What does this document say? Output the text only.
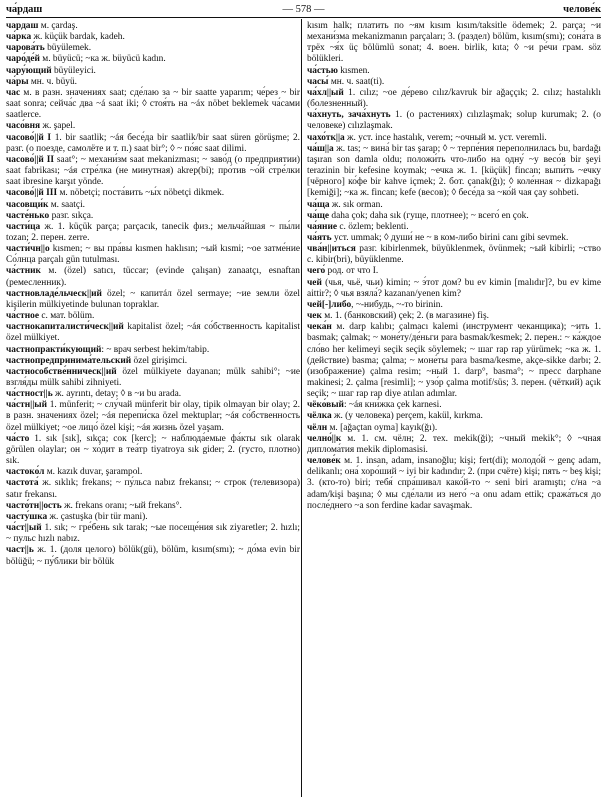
ча́рдаш	— 578 —	челове́к

ча́рда́ш м. çardaş.

ча́рка ж. küçük bardak, kadeh.

чарова́ть büyülemek.

чаро́де́й м. büyücü; ~ка ж. büyücü kadın.

чару́ющий büyüleyici.

ча́ры мн. ч. büyü.

час м. в разн. значениях saat; сде́лаю за ~ bir saatte yaparım; че́рез ~ bir saat sonra; сейча́с два ~á saat iki; ◊ стоя́ть на ~áх nöbet beklemek ча́сами saatlerce.

часо́вня ж. şapel.

часово́||й I 1. bir saatlik; ~áя бесе́да bir saatlik/bir saat süren görüşme; 2. разг. (о поезде, самолёте и т. п.) saat bir°; ◊ ~ по́яс saat dilimi.

часово́||й II saat°; ~ механи́зм saat mekanizması; ~ заво́д (о предприятии) saat fabrikası; ~áя стре́лка (не минутная) akrep(bi); про́тив ~о́й стре́лки saat ibresine karşıt yönde.

часово́||й III м. nöbetçi; поста́вить ~ы́х nöbetçi dikmek.

часовщи́к м. saatçi.

часте́нько разг. sıkça.

части́ца ж. 1. küçük parça; parçacık, tanecik физ.; мельча́йшая ~ пы́ли tozan; 2. перен. zerre.

части́чн||о kısmen; ~ вы пра́вы kısmen haklısın; ~ый kısmi; ~ое затме́ние Со́лнца parçalı gün tutulması.

ча́стник м. (özel) satıcı, tüccar; (evinde çalışan) zanaatçı, esnaftan (ремесленник).

частновладе́льческ||ий özel; ~ капитáл özel sermaye; ~ие земли özel kişilerin mülkiyetinde bulunan topraklar.

ча́стное с. мат. bölüm.

частнокапиталисти́ческ||ий kapitalist özel; ~áя со́бственность kapitalist özel mülkiyet.

частнопракти́кующий: ~ врач serbest hekim/tabip.

частнопредпринима́тельский özel girişimci.

частнособстве́нническ||ий özel mülkiyete dayanan; mülk sahibi°; ~ие взгля́ды mülk sahibi zihniyeti.

ча́стност||ь ж. ayrıntı, detay; ◊ в ~и bu arada.

ча́стн||ый 1. münferit; ~ слу́чай münferit bir olay, tipik olmayan bir olay; 2. в разн. значениях özel; ~áя перепи́ска özel mektuplar; ~áя со́бственность özel mülkiyet; ~ое лицо́ özel kişi; ~áя жизнь özel yaşam.

ча́сто 1. sık [sık], sıkça; сок [kerc]; ~ наблюда́емые фа́кты sık olarak görülen olaylar; он ~ хо́дит в теа́тр tiyatroya sık gider; 2. (густо, плотно) sık.

частоко́л м. kazık duvar, şarampol.

частота́ ж. sıklık; frekans; ~ пу́льса nabız frekansı; ~ строк (телевизора) satır frekansı.

часто́тн||ость ж. frekans oranı; ~ый frekans°.

часту́шка ж. çastuşka (bir tür mani).

ча́ст||ый 1. sık; ~ гре́бень sık tarak; ~ые посеще́ния sık ziyaretler; 2. hızlı; ~ пульс hızlı nabız.

част||ь ж. 1. (доля целого) bölük(gü), bölüm, kısım(smı); ~ до́ма evin bir bölüğü; ~ пу́блики bir bölük

kısım halk; плати́ть по ~ям kısım kısım/taksitle ödemek; 2. parça; ~и механи́зма mekanizmanın parçaları; 3. (раздел) bölüm, kısım(smı); сона́та в трёх ~я́х üç bölümlü sonat; 4. воен. birlik, kıta; ◊ ~и ре́чи грам. söz bölükleri.

ча́стью kısmen.

часы́ мн. ч. saat(ti).

ча́хл||ый 1. cılız; ~ое де́рево cılız/kavruk bir ağaççık; 2. cılız; hastalıklı (болезненный).

ча́хнуть, зача́хнуть 1. (о растениях) cılızlaşmak; solup kurumak; 2. (о человеке) cılızlaşmak.

чахо́тк||а ж. уст. ince hastalık, verem; ~очный м. уст. veremli.

ча́ш||а ж. tas; ~ вина́ bir tas şarap; ◊ ~ терпе́ния переполнилась bu, bardağı taşıran son damla oldu; положи́ть что-либо на одну́ ~у весо́в bir şeyi terazinin bir kefesine koymak; ~ечка ж. 1. [küçük] fincan; выпи́ть ~ечку [чёрного] ко́фе bir kahve içmek; 2. бот. çanak(ğı); ◊ коле́нная ~ dizkapağı [kemiği]; ~ка ж. fincan; kefe (весов); ◊ бесе́да за ~ко́й чая çay sohbeti.

ча́ща ж. sık orman.

ча́ще daha çok; daha sık (гуще, плотнее); ~ всего́ en çok.

ча́яние с. özlem; beklenti.

ча́ять уст. ummak; ◊ души́ не ~ в ком-либо birini canı gibi sevmek.

чва́н||иться разг. kibirlenmek, büyüklenmek, övünmek; ~ый kibirli; ~ство с. kibir(bri), büyüklenme.

чего́ род. от что I.

чей (чья, чьё, чьи) kimin; ~ э́тот дом? bu ev kimin [malıdır]?, bu ev kime aittir?; ◊ чья взяла́? kazanan/yenen kim?

чей[-]либо, ~-нибудь, ~-то birinin.

чек м. 1. (банковский) çek; 2. (в магазине) fiş.

чека́н м. darp kalıbı; çalmacı kalemi (инструмент чеканщика); ~ить 1. basmak; çalmak; ~ моне́ту/де́ньги para basmak/kesmek; 2. перен.: ~ ка́ждое сло́во her kelimeyi seçik seçik söylemek; ~ шаг rap rap yürümek; ~ка ж. 1. (действие) basma; çalma; ~ моне́ты para basma/kesme, akçe-sikke darbı; 2. (изображение) çalma resim; ~ный 1. darp°, basma°; ~ пресс darphane makinesi; 2. çalma [resimli]; ~ узо́р çalma motif/süs; 3. перен. (чёткий) açık seçik; ~ шаг rap rap diye atılan adımlar.

чёко́вый: ~áя кни́жка çek karnesi.

чёлка ж. (у человека) perçem, kakül, kırkma.

чёлн м. [ağaçtan oyma] kayık(ğı).

челно́||к м. 1. см. чёлн; 2. тех. mekik(ği); ~чный mekik°; ◊ ~чная диплома́тия mekik diplomasisi.

челове́к м. 1. insan, adam, insanoğlu; kişi; fert(di); молодо́й ~ genç adam, delikanlı; она́ хоро́ший ~ iyi bir kadındır; 2. (при счёте) kişi; пять ~ beş kişi; 3. (кто-то) biri; тебя́ спра́шивал како́й-то ~ seni biri aramıştı; с/на ~а adam/kişi başına; ◊ мы сде́лали из него́ ~а onu adam ettik; сража́ться до после́днего ~а son ferdine kadar savaşmak.
